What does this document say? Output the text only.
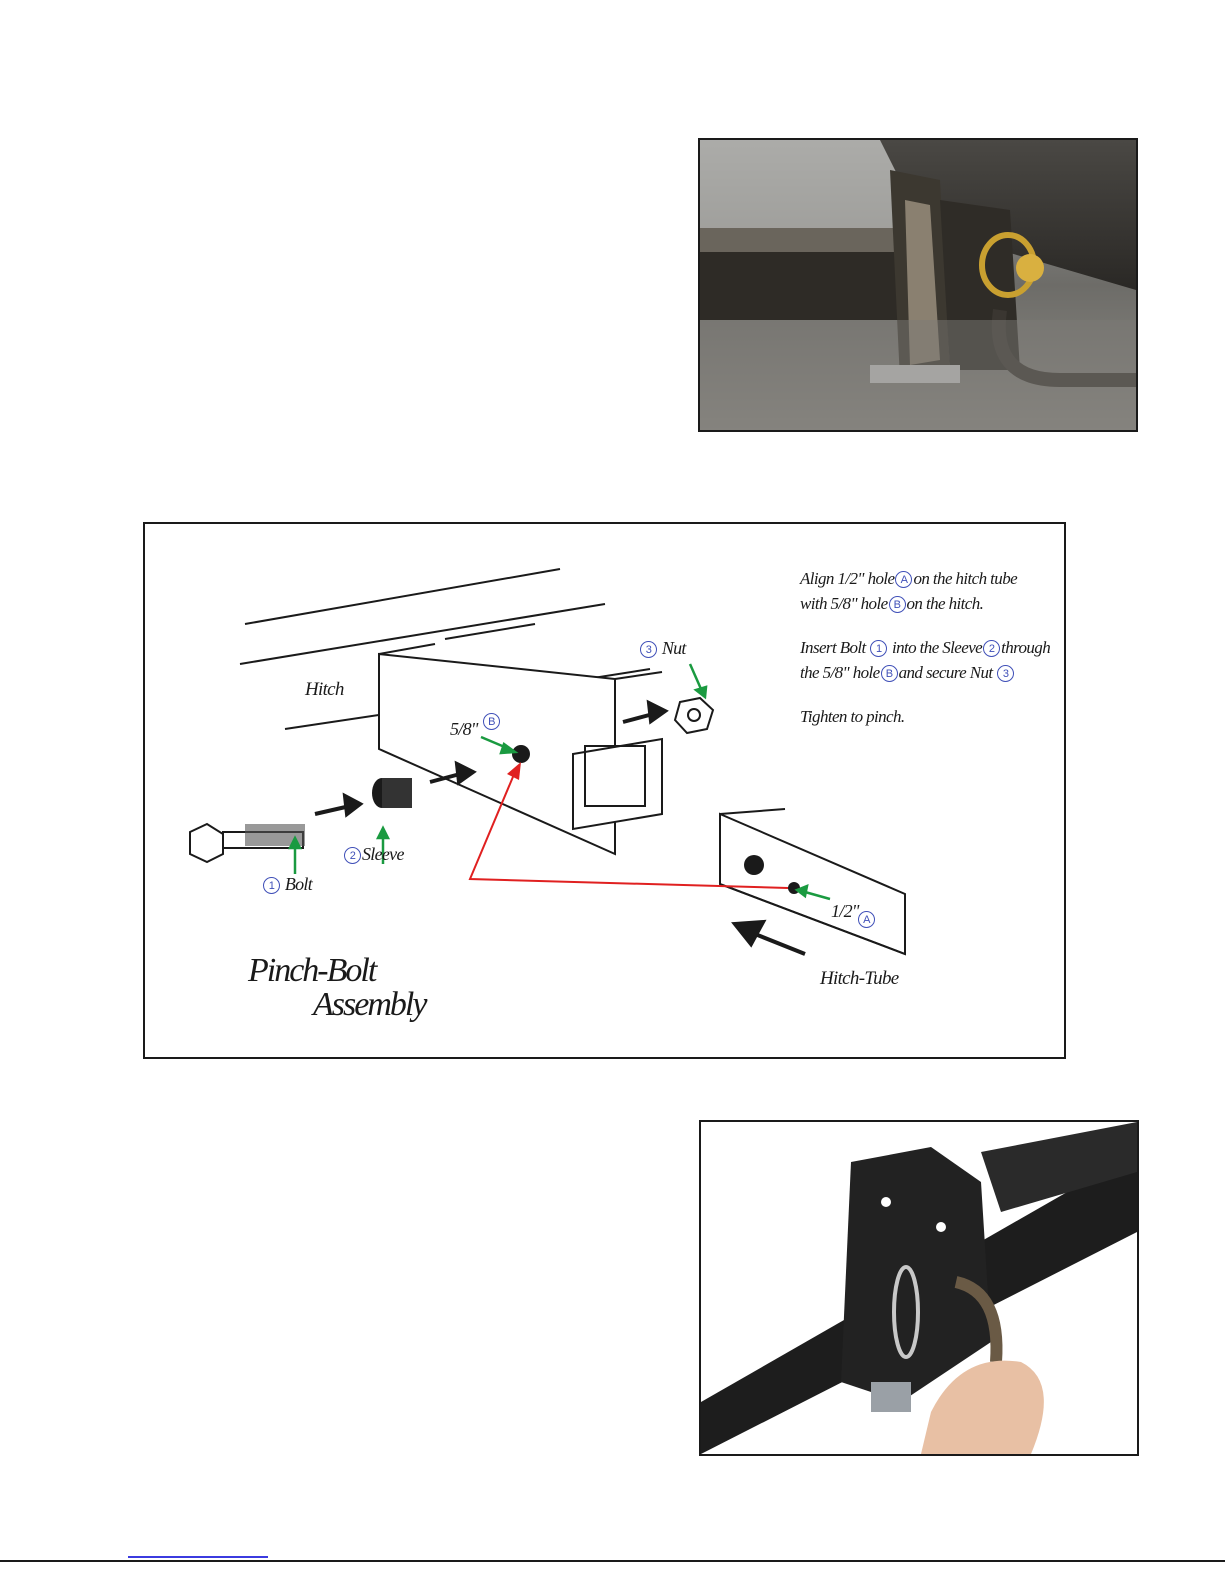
Align 1/2" hole A on the hitch tube
with 5/8" hole B on the hitch.

Insert Bolt 1 into the Sleeve 2 through
the 5/8" hole B and secure Nut 3

Tighten to pinch.

Hitch
Hitch-Tube
1 Bolt
2 Sleeve
3 Nut
5/8" B
1/2" A
Pinch-Bolt
Assembly
